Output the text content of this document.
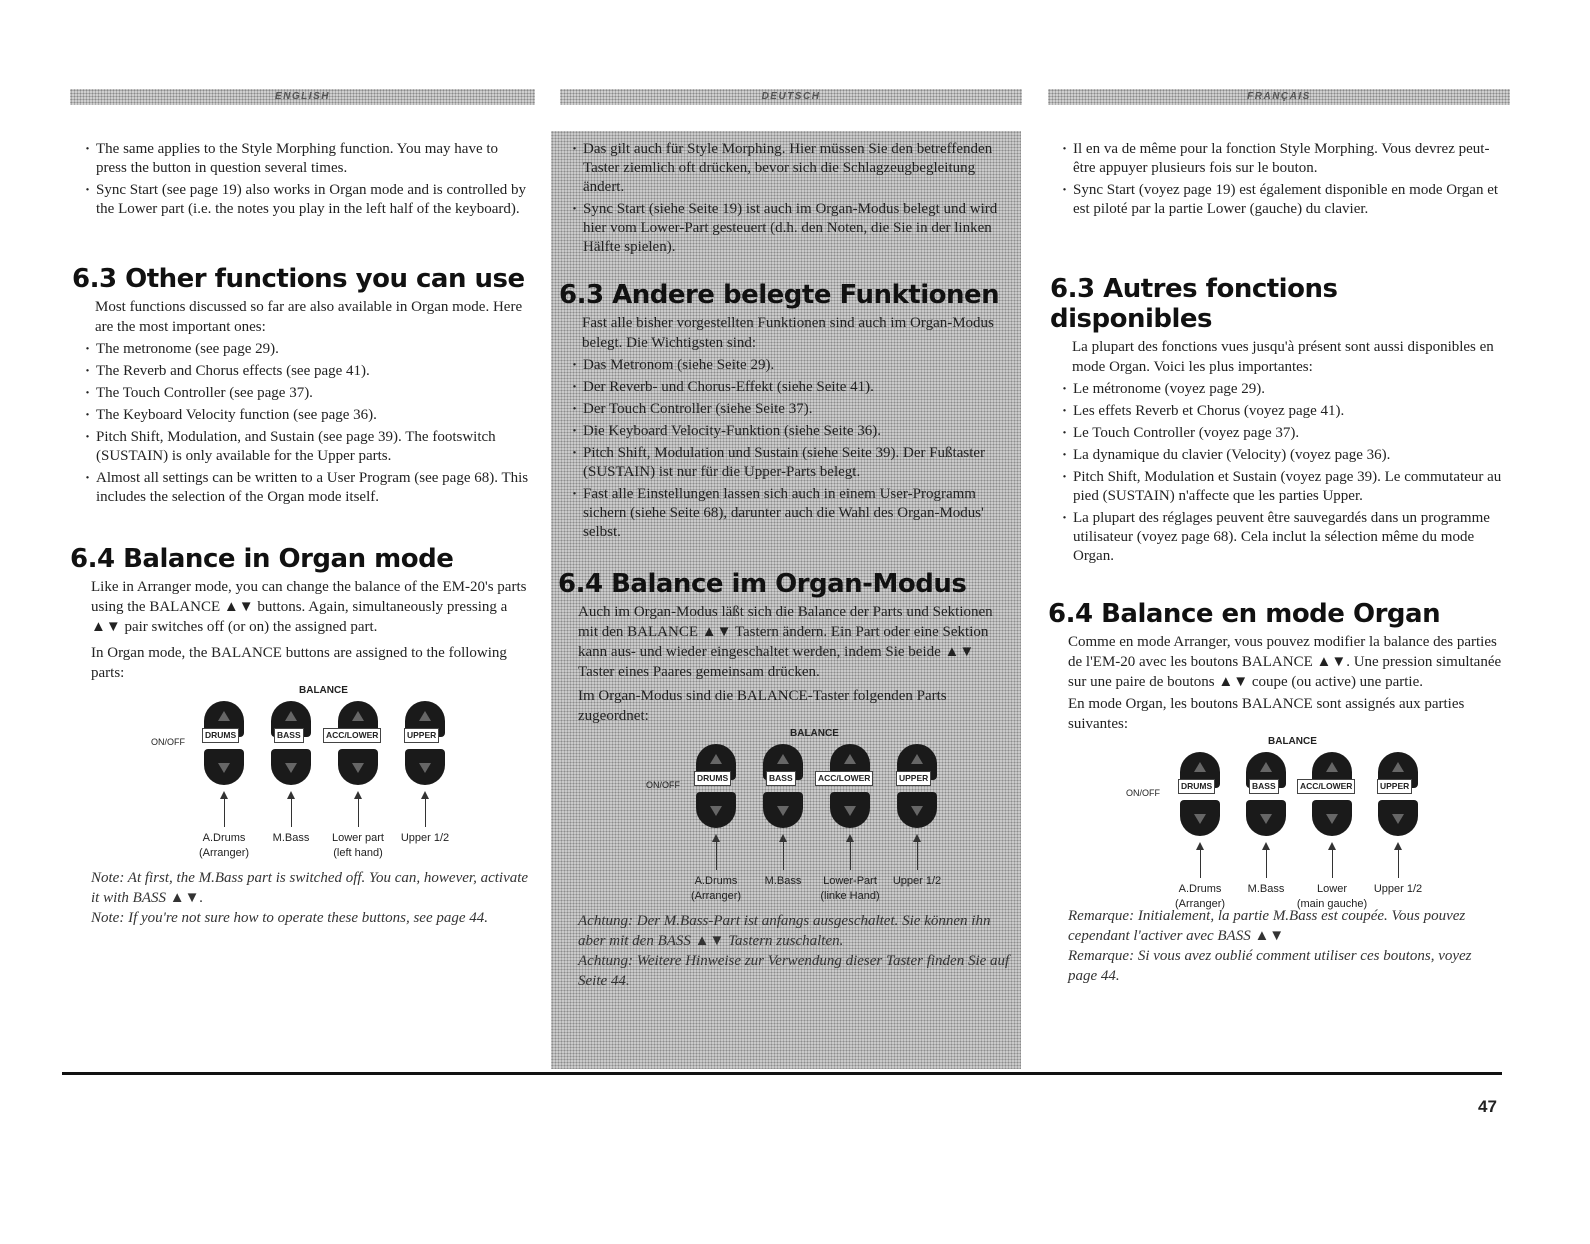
ENGLISH	DEUTSCH	FRANÇAIS
· The same applies to the Style Morphing function. You may have to press the button in question several times.
· Sync Start (see page 19) also works in Organ mode and is controlled by the Lower part (i.e. the notes you play in the left half of the keyboard).
6.3 Other functions you can use

Most functions discussed so far are also available in Organ mode. Here are the most important ones:

· The metronome (see page 29).
· The Reverb and Chorus effects (see page 41).
· The Touch Controller (see page 37).
· The Keyboard Velocity function (see page 36).
· Pitch Shift, Modulation, and Sustain (see page 39). The footswitch (SUSTAIN) is only available for the Upper parts.
· Almost all settings can be written to a User Program (see page 68). This includes the selection of the Organ mode itself.
6.4 Balance in Organ mode

Like in Arranger mode, you can change the balance of the EM-20's parts using the BALANCE ▲▼ buttons. Again, simultaneously pressing a ▲▼ pair switches off (or on) the assigned part.

In Organ mode, the BALANCE buttons are assigned to the following parts:

BALANCE
ON/OFF
DRUMS	BASS	ACC/LOWER	UPPER
A.Drums
(Arranger)
M.Bass	Lower part
(left hand)
Upper 1/2

Note: At first, the M.Bass part is switched off. You can, however, activate it with BASS ▲▼.

Note: If you're not sure how to operate these buttons, see page 44.

· Das gilt auch für Style Morphing. Hier müssen Sie den betreffenden Taster ziemlich oft drücken, bevor sich die Schlagzeugbegleitung ändert.
· Sync Start (siehe Seite 19) ist auch im Organ-Modus belegt und wird hier vom Lower-Part gesteuert (d.h. den Noten, die Sie in der linken Hälfte spielen).
6.3 Andere belegte Funktionen

Fast alle bisher vorgestellten Funktionen sind auch im Organ-Modus belegt. Die Wichtigsten sind:

· Das Metronom (siehe Seite 29).
· Der Reverb- und Chorus-Effekt (siehe Seite 41).
· Der Touch Controller (siehe Seite 37).
· Die Keyboard Velocity-Funktion (siehe Seite 36).
· Pitch Shift, Modulation und Sustain (siehe Seite 39). Der Fußtaster (SUSTAIN) ist nur für die Upper-Parts belegt.
· Fast alle Einstellungen lassen sich auch in einem User-Programm sichern (siehe Seite 68), darunter auch die Wahl des Organ-Modus' selbst.
6.4 Balance im Organ-Modus

Auch im Organ-Modus läßt sich die Balance der Parts und Sektionen mit den BALANCE ▲▼ Tastern ändern. Ein Part oder eine Sektion kann aus- und wieder eingeschaltet werden, indem Sie beide ▲▼ Taster eines Paares gemeinsam drücken.

Im Organ-Modus sind die BALANCE-Taster folgenden Parts zugeordnet:

BALANCE
ON/OFF
DRUMS	BASS	ACC/LOWER	UPPER
A.Drums
(Arranger)
M.Bass	Lower-Part
(linke Hand)
Upper 1/2

Achtung: Der M.Bass-Part ist anfangs ausgeschaltet. Sie können ihn aber mit den BASS ▲▼ Tastern zuschalten.

Achtung: Weitere Hinweise zur Verwendung dieser Taster finden Sie auf Seite 44.

· Il en va de même pour la fonction Style Morphing. Vous devrez peut-être appuyer plusieurs fois sur le bouton.
· Sync Start (voyez page 19) est également disponible en mode Organ et est piloté par la partie Lower (gauche) du clavier.
6.3 Autres fonctions disponibles

La plupart des fonctions vues jusqu'à présent sont aussi disponibles en mode Organ. Voici les plus importantes:

· Le métronome (voyez page 29).
· Les effets Reverb et Chorus (voyez page 41).
· Le Touch Controller (voyez page 37).
· La dynamique du clavier (Velocity) (voyez page 36).
· Pitch Shift, Modulation et Sustain (voyez page 39). Le commutateur au pied (SUSTAIN) n'affecte que les parties Upper.
· La plupart des réglages peuvent être sauvegardés dans un programme utilisateur (voyez page 68). Cela inclut la sélection même du mode Organ.
6.4 Balance en mode Organ

Comme en mode Arranger, vous pouvez modifier la balance des parties de l'EM-20 avec les boutons BALANCE ▲▼. Une pression simultanée sur une paire de boutons ▲▼ coupe (ou active) une partie.

En mode Organ, les boutons BALANCE sont assignés aux parties suivantes:

BALANCE
ON/OFF
DRUMS	BASS	ACC/LOWER	UPPER
A.Drums
(Arranger)
M.Bass	Lower
(main gauche)
Upper 1/2

Remarque: Initialement, la partie M.Bass est coupée. Vous pouvez cependant l'activer avec BASS ▲▼

Remarque: Si vous avez oublié comment utiliser ces boutons, voyez page 44.

47
